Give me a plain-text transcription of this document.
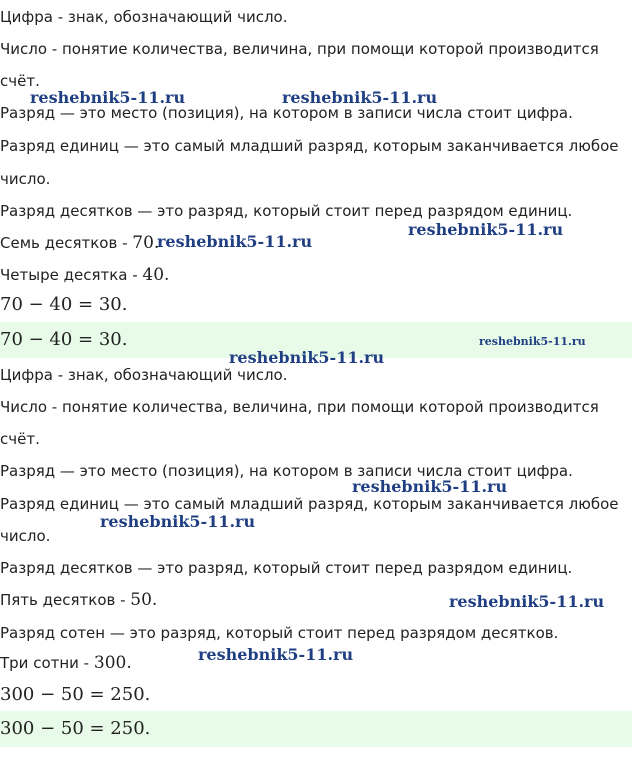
Цифра - знак, обозначающий число.
Число - понятие количества, величина, при помощи которой производится
счёт.
Разряд — это место (позиция), на котором в записи числа стоит цифра.
Разряд единиц — это самый младший разряд, которым заканчивается любое
число.
Разряд десятков — это разряд, который стоит перед разрядом единиц.
Семь десятков - 70.
Четыре десятка - 40.
70 − 40 = 30.
70 − 40 = 30.
Цифра - знак, обозначающий число.
Число - понятие количества, величина, при помощи которой производится
счёт.
Разряд — это место (позиция), на котором в записи числа стоит цифра.
Разряд единиц — это самый младший разряд, которым заканчивается любое
число.
Разряд десятков — это разряд, который стоит перед разрядом единиц.
Пять десятков - 50.
Разряд сотен — это разряд, который стоит перед разрядом десятков.
Три сотни - 300.
300 − 50 = 250.
300 − 50 = 250.
reshebnik5-11.ru	reshebnik5-11.ru
reshebnik5-11.ru
reshebnik5-11.ru
reshebnik5-11.ru
reshebnik5-11.ru
reshebnik5-11.ru
reshebnik5-11.ru
reshebnik5-11.ru
reshebnik5-11.ru
